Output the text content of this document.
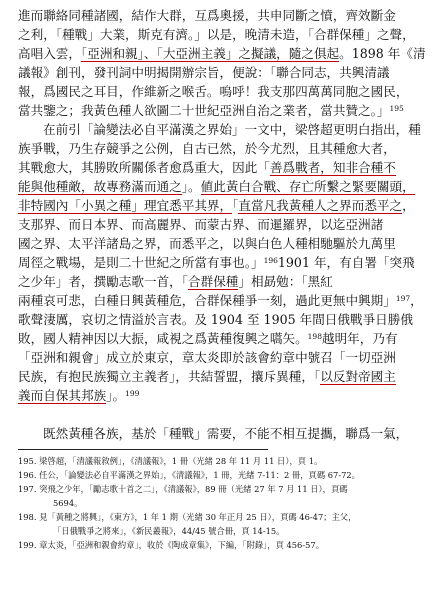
進而聯絡同種諸國，結作大群，互爲奧援，共申同斷之憤，齊效斷金
之利，「種戰」大業，斯克有濟。」以是，晚清未造，「合群保種」之聲，
高唱入雲，「亞洲和親」、「大亞洲主義」之擬議，隨之俱起。1898 年《清
議報》創刊，發刊詞中明揭開辦宗旨，便說：「聯合同志，共興清議
報，爲國民之耳目，作維新之喉舌。嗚呼！我支那四萬萬同胞之國民，
當共鑒之；我黃色種人欲圖二十世紀亞洲自治之業者，當共贊之。」$^{195}$
在前引「論變法必自平滿漢之界始」一文中，梁啓超更明白指出，種
族爭戰，乃生存競爭之公例，自古已然，於今尤烈，且其種愈大者，
其戰愈大，其勝敗所關係者愈爲重大，因此「善爲戰者，知非合種不
能與他種敵，故專務滿而通之」。値此黃白合戰、存亡所繫之緊要關頭，
非特國內「小異之種」理宜悉平其界，「直當凡我黃種人之界而悉平之，
支那界、而日本界、而高麗界、而蒙古界、而暹羅界，以迄亞洲諸
國之界、太平洋諸島之界，而悉平之，以與白色人種相馳驅於九萬里
周徑之戰場，是則二十世紀之所當有事也。」$^{196}$1901 年，有自署「突飛
之少年」者，撰勵志歌一首，「合群保種」相勗勉：「黑紅
兩種哀可悲，白種日興黃種危，合群保種爭一刻，過此更無中興期」$^{197}$，
歌聲淒厲，哀切之情溢於言表。及 1904 至 1905 年間日俄戰爭日勝俄
敗，國人精神因以大振，咸視之爲黃種復興之嚆矢。$^{198}$越明年，乃有
「亞洲和親會」成立於東京，章太炎即於該會約章中號召「一切亞洲
民族，有抱民族獨立主義者」，共結誓盟，攘斥異種，「以反對帝國主
義而自保其邦族」。$^{199}$
既然黃種各族，基於「種戰」需要，不能不相互提攜，聯爲一氣，
195. 梁啓超，「清議報敘例」，《清議報》，1 冊（光緒 28 年 11 月 11 日），頁 1。
196. 任公，「論變法必自平滿漢之界始」，《清議報》，1 冊，光緒 7-11：2 冊，頁碼 67-72。
197. 突飛之少年，「勵志歌十首之二」，《清議報》，89 冊（光緒 27 年 7 月 11 日），頁碼
5694。
198. 見「黃種之將興」，《東方》，1 年 1 期（光緒 30 年正月 25 日），頁碼 46-47；主父，
「日俄戰爭之將來」，《新民叢報》，44/45 號合冊，頁 14-15。
199. 章太炎，「亞洲和親會約章」，收於《陶成章集》，下編，「附錄」，頁 456-57。
